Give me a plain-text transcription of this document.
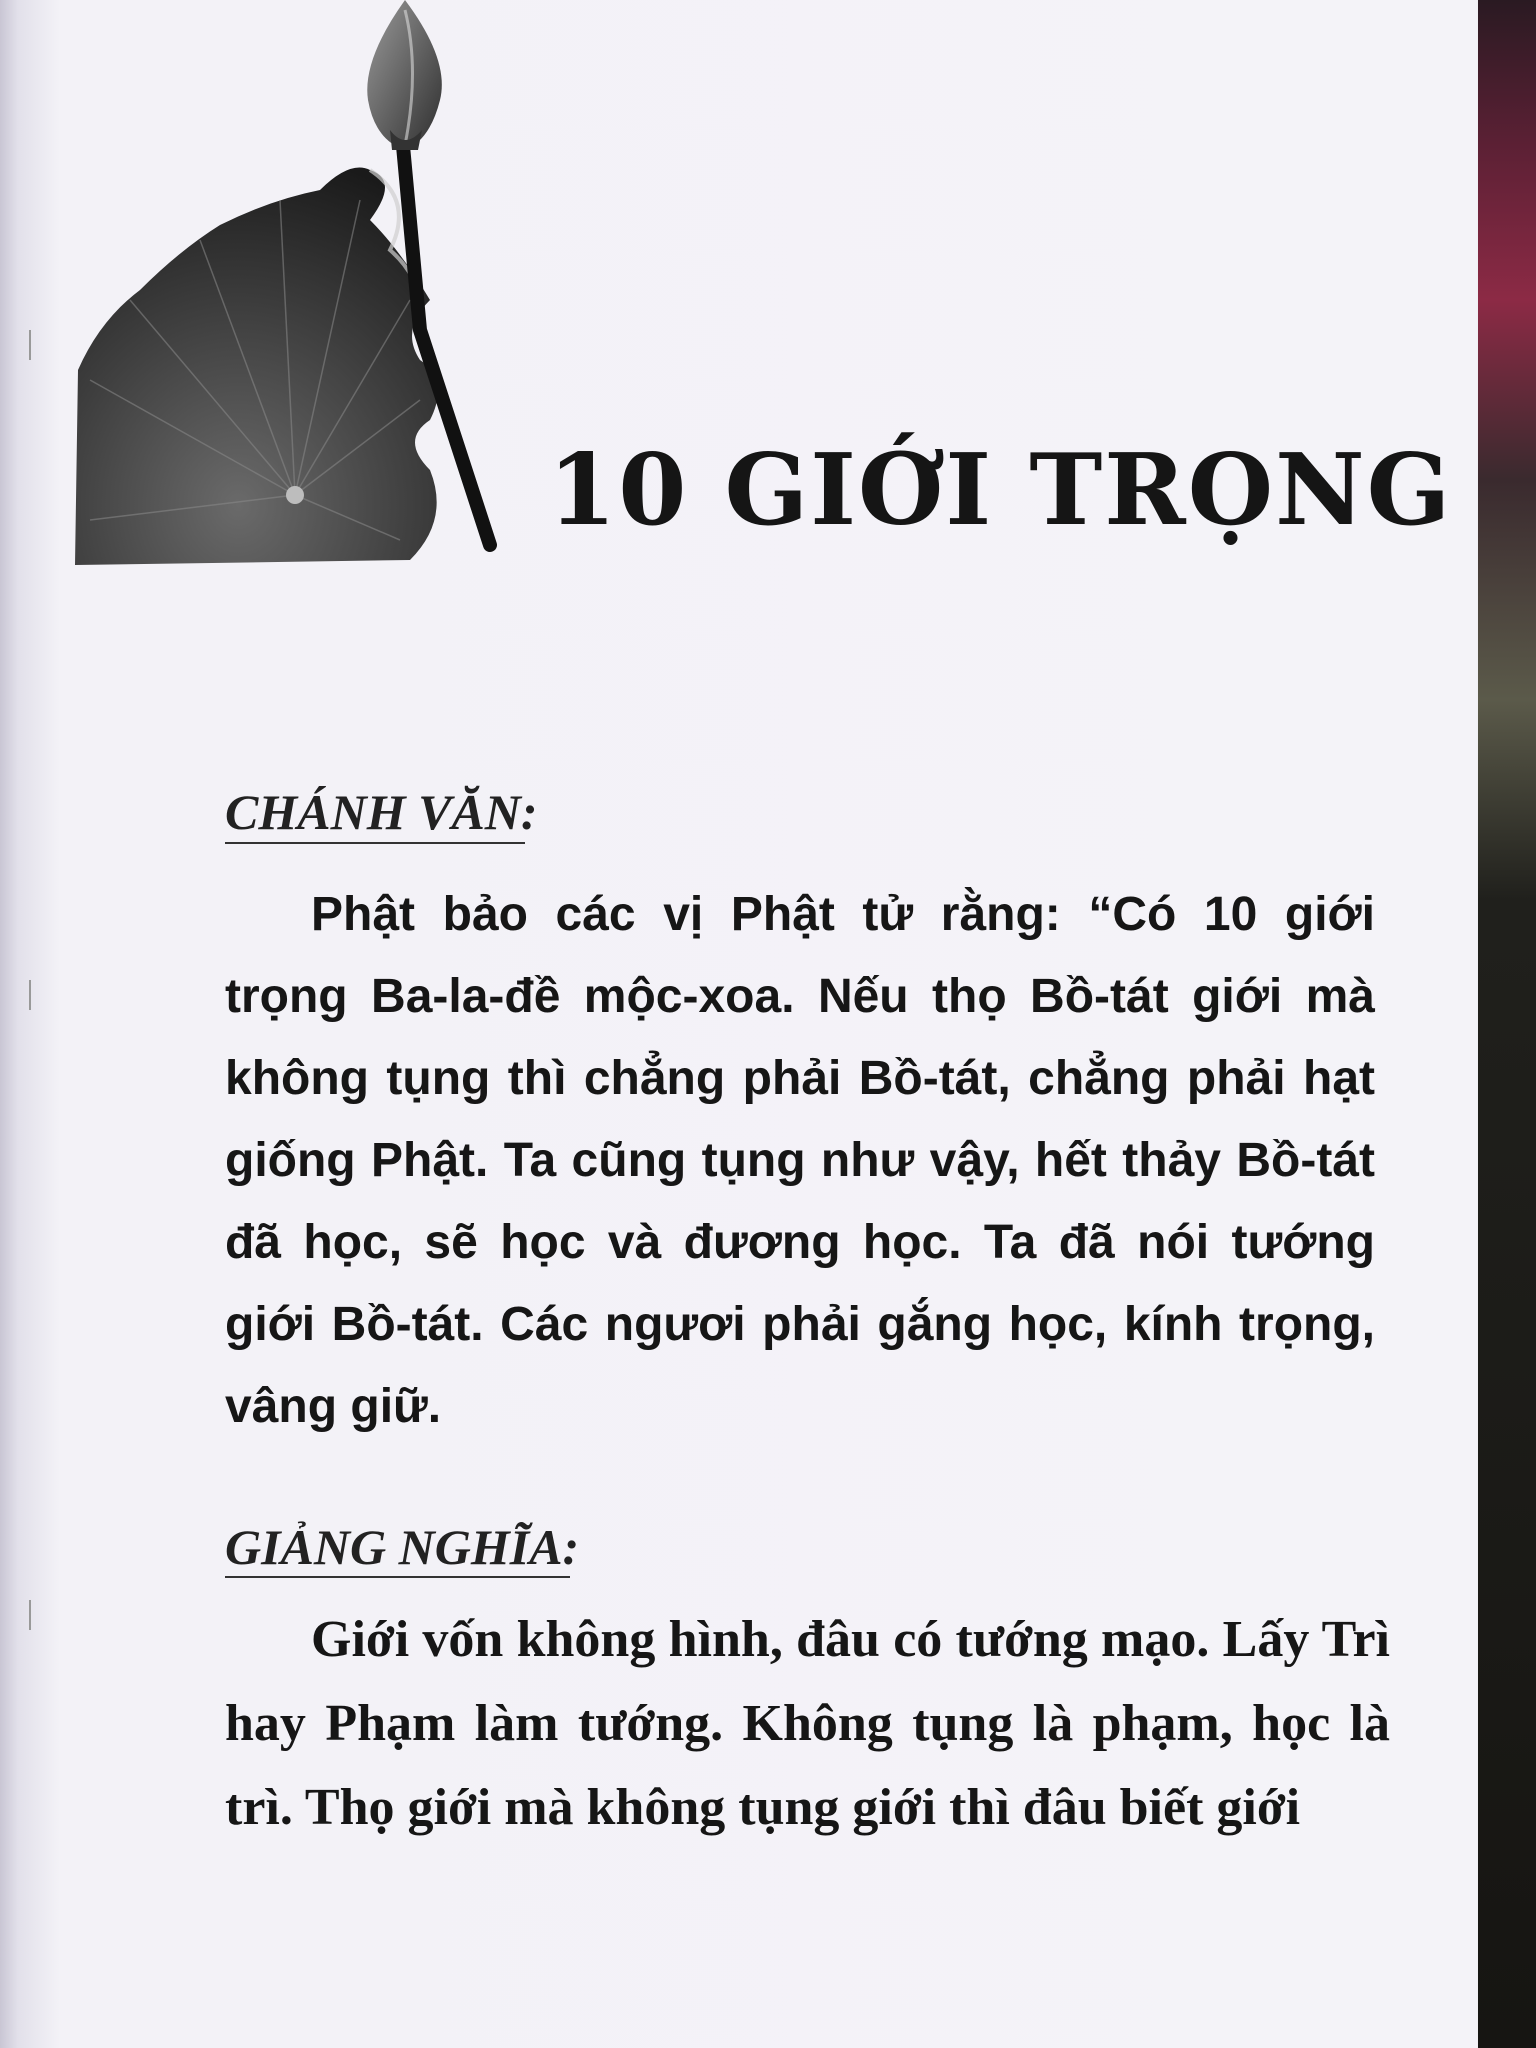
10 GIỚI TRỌNG
CHÁNH VĂN:

Phật bảo các vị Phật tử rằng: “Có 10 giới trọng Ba-la-đề mộc-xoa. Nếu thọ Bồ-tát giới mà không tụng thì chẳng phải Bồ-tát, chẳng phải hạt giống Phật. Ta cũng tụng như vậy, hết thảy Bồ-tát đã học, sẽ học và đương học. Ta đã nói tướng giới Bồ-tát. Các ngươi phải gắng học, kính trọng, vâng giữ.

GIẢNG NGHĨA:

Giới vốn không hình, đâu có tướng mạo. Lấy Trì hay Phạm làm tướng. Không tụng là phạm, học là trì. Thọ giới mà không tụng giới thì đâu biết giới
